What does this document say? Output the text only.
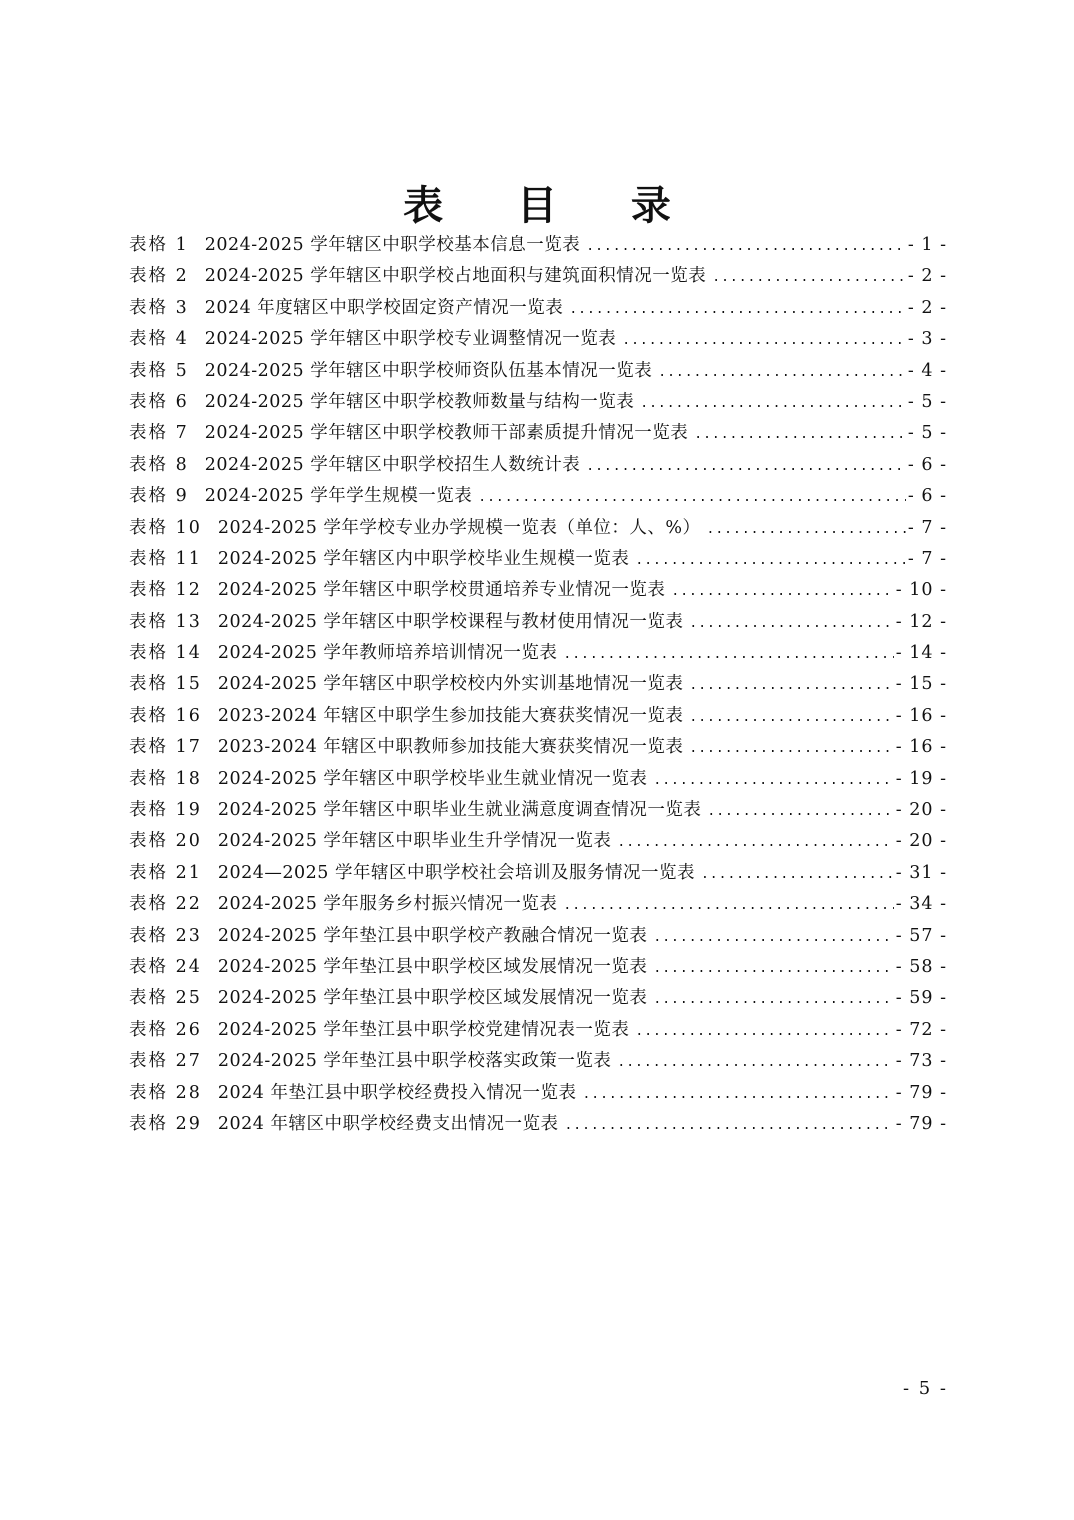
表 目 录
表格 1 2024-2025 学年辖区中职学校基本信息一览表 .....	- 1 -
表格 2 2024-2025 学年辖区中职学校占地面积与建筑面积情况一览表 .....	- 2 -
表格 3 2024 年度辖区中职学校固定资产情况一览表 .....	- 2 -
表格 4 2024-2025 学年辖区中职学校专业调整情况一览表 .....	- 3 -
表格 5 2024-2025 学年辖区中职学校师资队伍基本情况一览表 .....	- 4 -
表格 6 2024-2025 学年辖区中职学校教师数量与结构一览表 .....	- 5 -
表格 7 2024-2025 学年辖区中职学校教师干部素质提升情况一览表 .....	- 5 -
表格 8 2024-2025 学年辖区中职学校招生人数统计表 .....	- 6 -
表格 9 2024-2025 学年学生规模一览表 .....	- 6 -
表格 10 2024-2025 学年学校专业办学规模一览表（单位：人、%） .....	- 7 -
表格 11 2024-2025 学年辖区内中职学校毕业生规模一览表 .....	- 7 -
表格 12 2024-2025 学年辖区中职学校贯通培养专业情况一览表 .....	- 10 -
表格 13 2024-2025 学年辖区中职学校课程与教材使用情况一览表 .....	- 12 -
表格 14 2024-2025 学年教师培养培训情况一览表 .....	- 14 -
表格 15 2024-2025 学年辖区中职学校校内外实训基地情况一览表 .....	- 15 -
表格 16 2023-2024 年辖区中职学生参加技能大赛获奖情况一览表 .....	- 16 -
表格 17 2023-2024 年辖区中职教师参加技能大赛获奖情况一览表 .....	- 16 -
表格 18 2024-2025 学年辖区中职学校毕业生就业情况一览表 .....	- 19 -
表格 19 2024-2025 学年辖区中职毕业生就业满意度调查情况一览表 .....	- 20 -
表格 20 2024-2025 学年辖区中职毕业生升学情况一览表 .....	- 20 -
表格 21 2024—2025 学年辖区中职学校社会培训及服务情况一览表 .....	- 31 -
表格 22 2024-2025 学年服务乡村振兴情况一览表 .....	- 34 -
表格 23 2024-2025 学年垫江县中职学校产教融合情况一览表 .....	- 57 -
表格 24 2024-2025 学年垫江县中职学校区域发展情况一览表 .....	- 58 -
表格 25 2024-2025 学年垫江县中职学校区域发展情况一览表 .....	- 59 -
表格 26 2024-2025 学年垫江县中职学校党建情况表一览表 .....	- 72 -
表格 27 2024-2025 学年垫江县中职学校落实政策一览表 .....	- 73 -
表格 28 2024 年垫江县中职学校经费投入情况一览表 .....	- 79 -
表格 29 2024 年辖区中职学校经费支出情况一览表 .....	- 79 -
- 5 -
